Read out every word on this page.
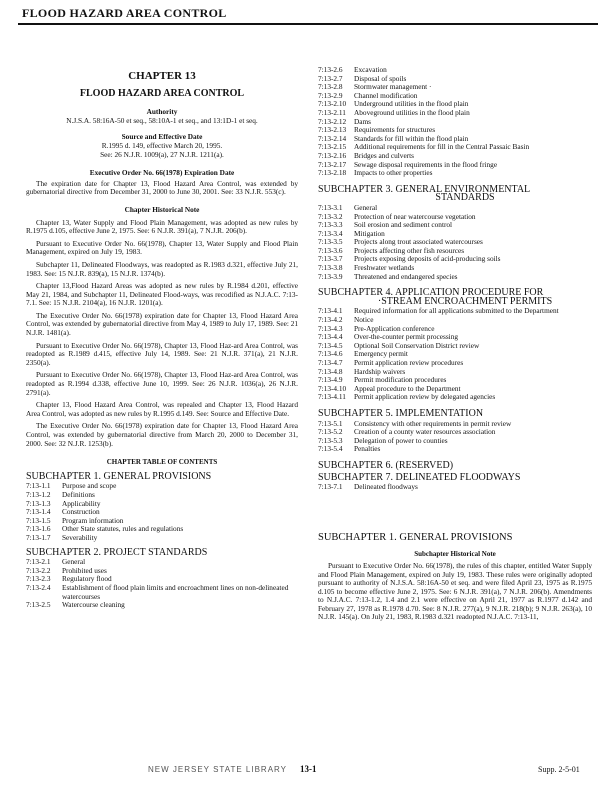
FLOOD HAZARD AREA CONTROL
CHAPTER 13
FLOOD HAZARD AREA CONTROL
Authority
N.J.S.A. 58:16A-50 et seq., 58:10A-1 et seq., and 13:1D-1 et seq.
Source and Effective Date
R.1995 d. 149, effective March 20, 1995.
See: 26 N.J.R. 1009(a), 27 N.J.R. 1211(a).
Executive Order No. 66(1978) Expiration Date

The expiration date for Chapter 13, Flood Hazard Area Control, was extended by gubernatorial directive from December 31, 2000 to June 30, 2001. See: 33 N.J.R. 553(c).

Chapter Historical Note

Chapter 13, Water Supply and Flood Plain Management, was adopted as new rules by R.1975 d.105, effective June 2, 1975. See: 6 N.J.R. 391(a), 7 N.J.R. 206(b).

Pursuant to Executive Order No. 66(1978), Chapter 13, Water Supply and Flood Plain Management, expired on July 19, 1983.

Subchapter 11, Delineated Floodways, was readopted as R.1983 d.321, effective July 21, 1983. See: 15 N.J.R. 839(a), 15 N.J.R. 1374(b).

Chapter 13,Flood Hazard Areas was adopted as new rules by R.1984 d.201, effective May 21, 1984, and Subchapter 11, Delineated Flood-ways, was recodified as N.J.A.C. 7:13-7.1. See: 15 N.J.R. 2104(a), 16 N.J.R. 1201(a).

The Executive Order No. 66(1978) expiration date for Chapter 13, Flood Hazard Area Control, was extended by gubernatorial directive from May 4, 1989 to July 17, 1989. See: 21 N.J.R. 1481(a).

Pursuant to Executive Order No. 66(1978), Chapter 13, Flood Haz-ard Area Control, was readopted as R.1989 d.415, effective July 14, 1989. See: 21 N.J.R. 371(a), 21 N.J.R. 2350(a).

Pursuant to Executive Order No. 66(1978), Chapter 13, Flood Haz-ard Area Control, was readopted as R.1994 d.338, effective June 10, 1999. See: 26 N.J.R. 1036(a), 26 N.J.R. 2791(a).

Chapter 13, Flood Hazard Area Control, was repealed and Chapter 13, Flood Hazard Area Control, was adopted as new rules by R.1995 d.149. See: Source and Effective Date.

The Executive Order No. 66(1978) expiration date for Chapter 13, Flood Hazard Area Control, was extended by gubernatorial directive from March 20, 2000 to December 31, 2000. See: 32 N.J.R. 1253(b).

CHAPTER TABLE OF CONTENTS
SUBCHAPTER 1. GENERAL PROVISIONS
7:13-1.1	Purpose and scope
7:13-1.2	Definitions
7:13-1.3	Applicability
7:13-1.4	Construction
7:13-1.5	Program information
7:13-1.6	Other State statutes, rules and regulations
7:13-1.7	Severability
SUBCHAPTER 2. PROJECT STANDARDS
7:13-2.1	General
7:13-2.2	Prohibited uses
7:13-2.3	Regulatory flood
7:13-2.4	Establishment of flood plain limits and encroachment lines on non-delineated watercourses
7:13-2.5	Watercourse cleaning
7:13-2.6	Excavation
7:13-2.7	Disposal of spoils
7:13-2.8	Stormwater management ·
7:13-2.9	Channel modification
7:13-2.10	Underground utilities in the flood plain
7:13-2.11	Aboveground utilities in the flood plain
7:13-2.12	Dams
7:13-2.13	Requirements for structures
7:13-2.14	Standards for fill within the flood plain
7:13-2.15	Additional requirements for fill in the Central Passaic Basin
7:13-2.16	Bridges and culverts
7:13-2.17	Sewage disposal requirements in the flood fringe
7:13-2.18	Impacts to other properties
SUBCHAPTER 3. GENERAL ENVIRONMENTAL
STANDARDS
7:13-3.1	General
7:13-3.2	Protection of near watercourse vegetation
7:13-3.3	Soil erosion and sediment control
7:13-3.4	Mitigation
7:13-3.5	Projects along trout associated watercourses
7:13-3.6	Projects affecting other fish resources
7:13-3.7	Projects exposing deposits of acid-producing soils
7:13-3.8	Freshwater wetlands
7:13-3.9	Threatened and endangered species
SUBCHAPTER 4. APPLICATION PROCEDURE FOR
·STREAM ENCROACHMENT PERMITS
7:13-4.1	Required information for all applications submitted to the Department
7:13-4.2	Notice
7:13-4.3	Pre-Application conference
7:13-4.4	Over-the-counter permit processing
7:13-4.5	Optional Soil Conservation District review
7:13-4.6	Emergency permit
7:13-4.7	Permit application review procedures
7:13-4.8	Hardship waivers
7:13-4.9	Permit modification procedures
7:13-4.10	Appeal procedure to the Department
7:13-4.11	Permit application review by delegated agencies
SUBCHAPTER 5. IMPLEMENTATION
7:13-5.1	Consistency with other requirements in permit review
7:13-5.2	Creation of a county water resources association
7:13-5.3	Delegation of power to counties
7:13-5.4	Penalties
SUBCHAPTER 6. (RESERVED)
SUBCHAPTER 7. DELINEATED FLOODWAYS
7:13-7.1	Delineated floodways
SUBCHAPTER 1. GENERAL PROVISIONS
Subchapter Historical Note

Pursuant to Executive Order No. 66(1978), the rules of this chapter, entitled Water Supply and Flood Plain Management, expired on July 19, 1983. These rules were originally adopted pursuant to authority of N.J.S.A. 58:16A-50 et seq. and were filed April 23, 1975 as R.1975 d.105 to become effective June 2, 1975. See: 6 N.J.R. 391(a), 7 N.J.R. 206(b). Amendments to N.J.A.C. 7:13-1.2, 1.4 and 2.1 were effective on April 21, 1977 as R.1977 d.142 and February 27, 1978 as R.1978 d.70. See: 8 N.J.R. 277(a), 9 N.J.R. 218(b); 9 N.J.R. 263(a), 10 N.J.R. 145(a). On July 21, 1983, R.1983 d.321 readopted N.J.A.C. 7:13-11,

NEW JERSEY STATE LIBRARY 13-1	Supp. 2-5-01
